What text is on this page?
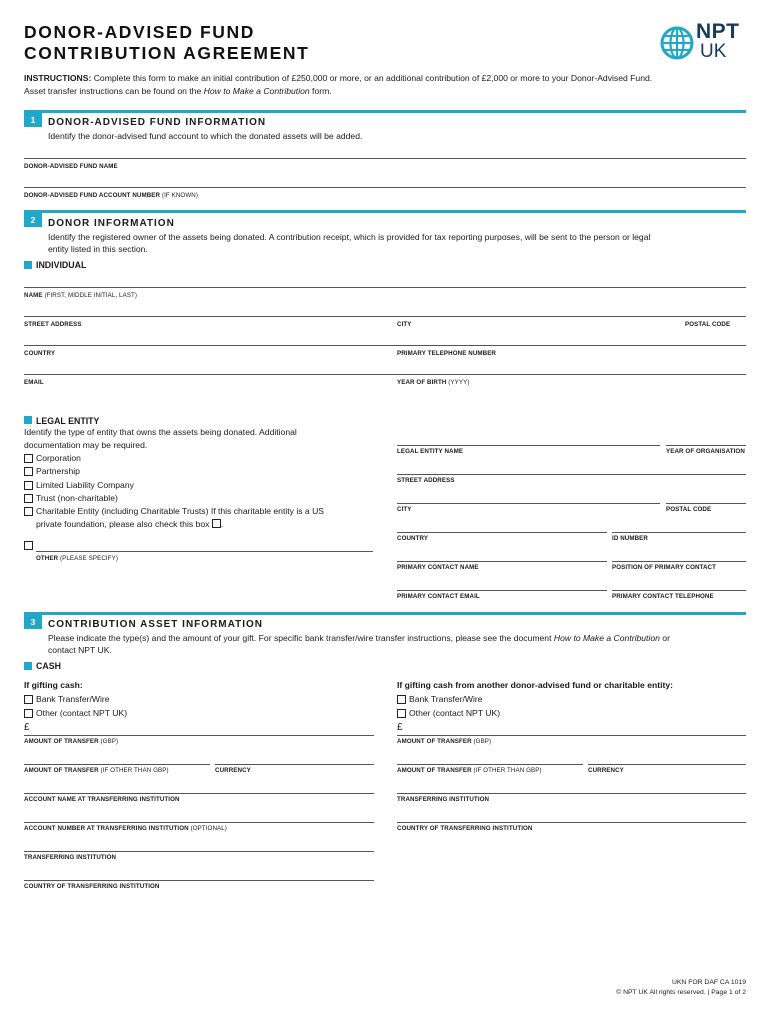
DONOR-ADVISED FUND
CONTRIBUTION AGREEMENT
NPT
UK
INSTRUCTIONS: Complete this form to make an initial contribution of £250,000 or more, or an additional contribution of £2,000 or more to your Donor-Advised Fund.
Asset transfer instructions can be found on the How to Make a Contribution form.
1	DONOR-ADVISED FUND INFORMATION
Identify the donor-advised fund account to which the donated assets will be added.
DONOR-ADVISED FUND NAME
DONOR-ADVISED FUND ACCOUNT NUMBER (IF KNOWN)
2	DONOR INFORMATION
Identify the registered owner of the assets being donated. A contribution receipt, which is provided for tax reporting purposes, will be sent to the person or legal
entity listed in this section.
INDIVIDUAL
NAME (FIRST, MIDDLE INITIAL, LAST)
STREET ADDRESS	CITY	POSTAL CODE
COUNTRY	PRIMARY TELEPHONE NUMBER
EMAIL	YEAR OF BIRTH (YYYY)
LEGAL ENTITY
Identify the type of entity that owns the assets being donated. Additional
documentation may be required.
Corporation
Partnership
Limited Liability Company
Trust (non-charitable)
Charitable Entity (including Charitable Trusts) If this charitable entity is a US
private foundation, please also check this box .
OTHER (PLEASE SPECIFY)
LEGAL ENTITY NAME	YEAR OF ORGANISATION
STREET ADDRESS
CITY	POSTAL CODE
COUNTRY	ID NUMBER
PRIMARY CONTACT NAME	POSITION OF PRIMARY CONTACT
PRIMARY CONTACT EMAIL	PRIMARY CONTACT TELEPHONE
3	CONTRIBUTION ASSET INFORMATION
Please indicate the type(s) and the amount of your gift. For specific bank transfer/wire transfer instructions, please see the document How to Make a Contribution or
contact NPT UK.
CASH
If gifting cash:
Bank Transfer/Wire
Other (contact NPT UK)
£
AMOUNT OF TRANSFER (GBP)
AMOUNT OF TRANSFER (IF OTHER THAN GBP)	CURRENCY
ACCOUNT NAME AT TRANSFERRING INSTITUTION
ACCOUNT NUMBER AT TRANSFERRING INSTITUTION (OPTIONAL)
TRANSFERRING INSTITUTION
COUNTRY OF TRANSFERRING INSTITUTION
If gifting cash from another donor-advised fund or charitable entity:
Bank Transfer/Wire
Other (contact NPT UK)
£
AMOUNT OF TRANSFER (GBP)
AMOUNT OF TRANSFER (IF OTHER THAN GBP)	CURRENCY
TRANSFERRING INSTITUTION
COUNTRY OF TRANSFERRING INSTITUTION
UKN FOR DAF CA 1019
© NPT UK All rights reserved. | Page 1 of 2
